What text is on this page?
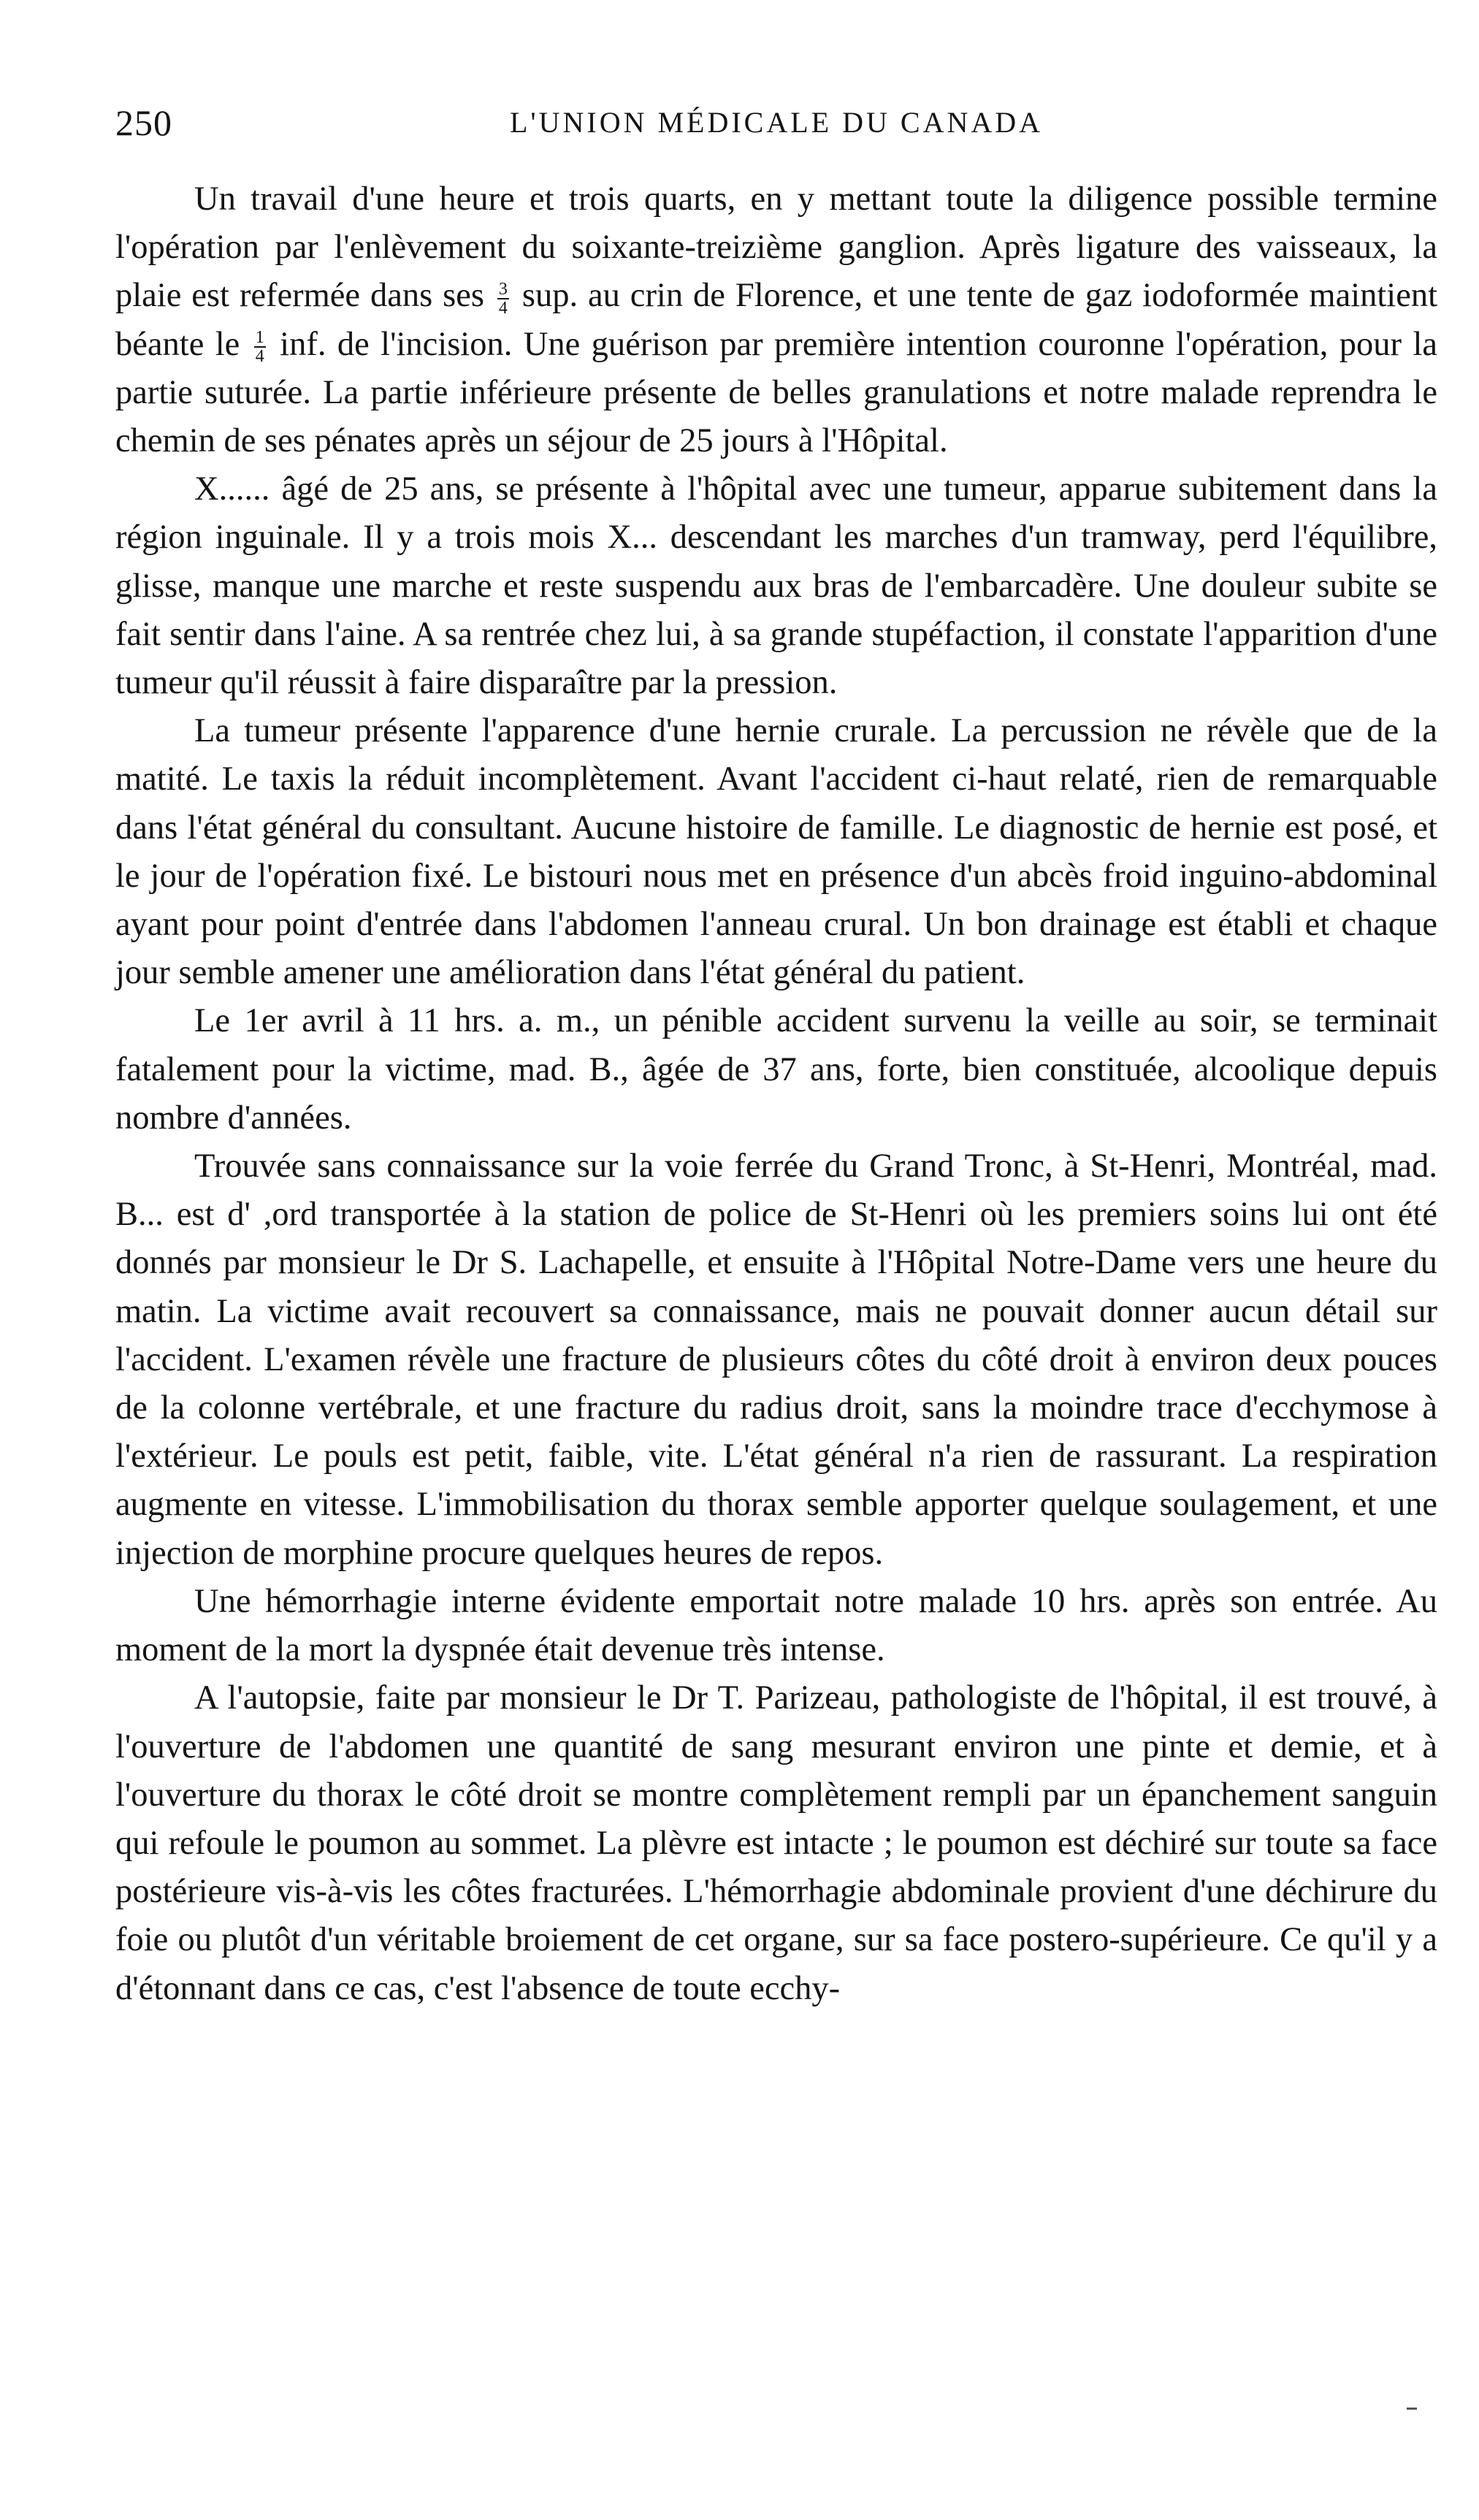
250	L'UNION MÉDICALE DU CANADA

Un travail d'une heure et trois quarts, en y mettant toute la diligence possible termine l'opération par l'enlèvement du soixante-treizième ganglion. Après ligature des vaisseaux, la plaie est refermée dans ses $\frac{3}{4}$ sup. au crin de Florence, et une tente de gaz iodoformée maintient béante le $\frac{1}{4}$ inf. de l'incision. Une guérison par première intention couronne l'opération, pour la partie suturée. La partie inférieure présente de belles granulations et notre malade reprendra le chemin de ses pénates après un séjour de 25 jours à l'Hôpital.

X...... âgé de 25 ans, se présente à l'hôpital avec une tumeur, apparue subitement dans la région inguinale. Il y a trois mois X... descendant les marches d'un tramway, perd l'équilibre, glisse, manque une marche et reste suspendu aux bras de l'embarcadère. Une douleur subite se fait sentir dans l'aine. A sa rentrée chez lui, à sa grande stupéfaction, il constate l'apparition d'une tumeur qu'il réussit à faire disparaître par la pression.

La tumeur présente l'apparence d'une hernie crurale. La percussion ne révèle que de la matité. Le taxis la réduit incomplètement. Avant l'accident ci-haut relaté, rien de remarquable dans l'état général du consultant. Aucune histoire de famille. Le diagnostic de hernie est posé, et le jour de l'opération fixé. Le bistouri nous met en présence d'un abcès froid inguino-abdominal ayant pour point d'entrée dans l'abdomen l'anneau crural. Un bon drainage est établi et chaque jour semble amener une amélioration dans l'état général du patient.

Le 1er avril à 11 hrs. a. m., un pénible accident survenu la veille au soir, se terminait fatalement pour la victime, mad. B., âgée de 37 ans, forte, bien constituée, alcoolique depuis nombre d'années.

Trouvée sans connaissance sur la voie ferrée du Grand Tronc, à St-Henri, Montréal, mad. B... est d' ,ord transportée à la station de police de St-Henri où les premiers soins lui ont été donnés par monsieur le Dr S. Lachapelle, et ensuite à l'Hôpital Notre-Dame vers une heure du matin. La victime avait recouvert sa connaissance, mais ne pouvait donner aucun détail sur l'accident. L'examen révèle une fracture de plusieurs côtes du côté droit à environ deux pouces de la colonne vertébrale, et une fracture du radius droit, sans la moindre trace d'ecchymose à l'extérieur. Le pouls est petit, faible, vite. L'état général n'a rien de rassurant. La respiration augmente en vitesse. L'immobilisation du thorax semble apporter quelque soulagement, et une injection de morphine procure quelques heures de repos.

Une hémorrhagie interne évidente emportait notre malade 10 hrs. après son entrée. Au moment de la mort la dyspnée était devenue très intense.

A l'autopsie, faite par monsieur le Dr T. Parizeau, pathologiste de l'hôpital, il est trouvé, à l'ouverture de l'abdomen une quantité de sang mesurant environ une pinte et demie, et à l'ouverture du thorax le côté droit se montre complètement rempli par un épanchement sanguin qui refoule le poumon au sommet. La plèvre est intacte ; le poumon est déchiré sur toute sa face postérieure vis-à-vis les côtes fracturées. L'hémorrhagie abdominale provient d'une déchirure du foie ou plutôt d'un véritable broiement de cet organe, sur sa face postero-supérieure. Ce qu'il y a d'étonnant dans ce cas, c'est l'absence de toute ecchy-
